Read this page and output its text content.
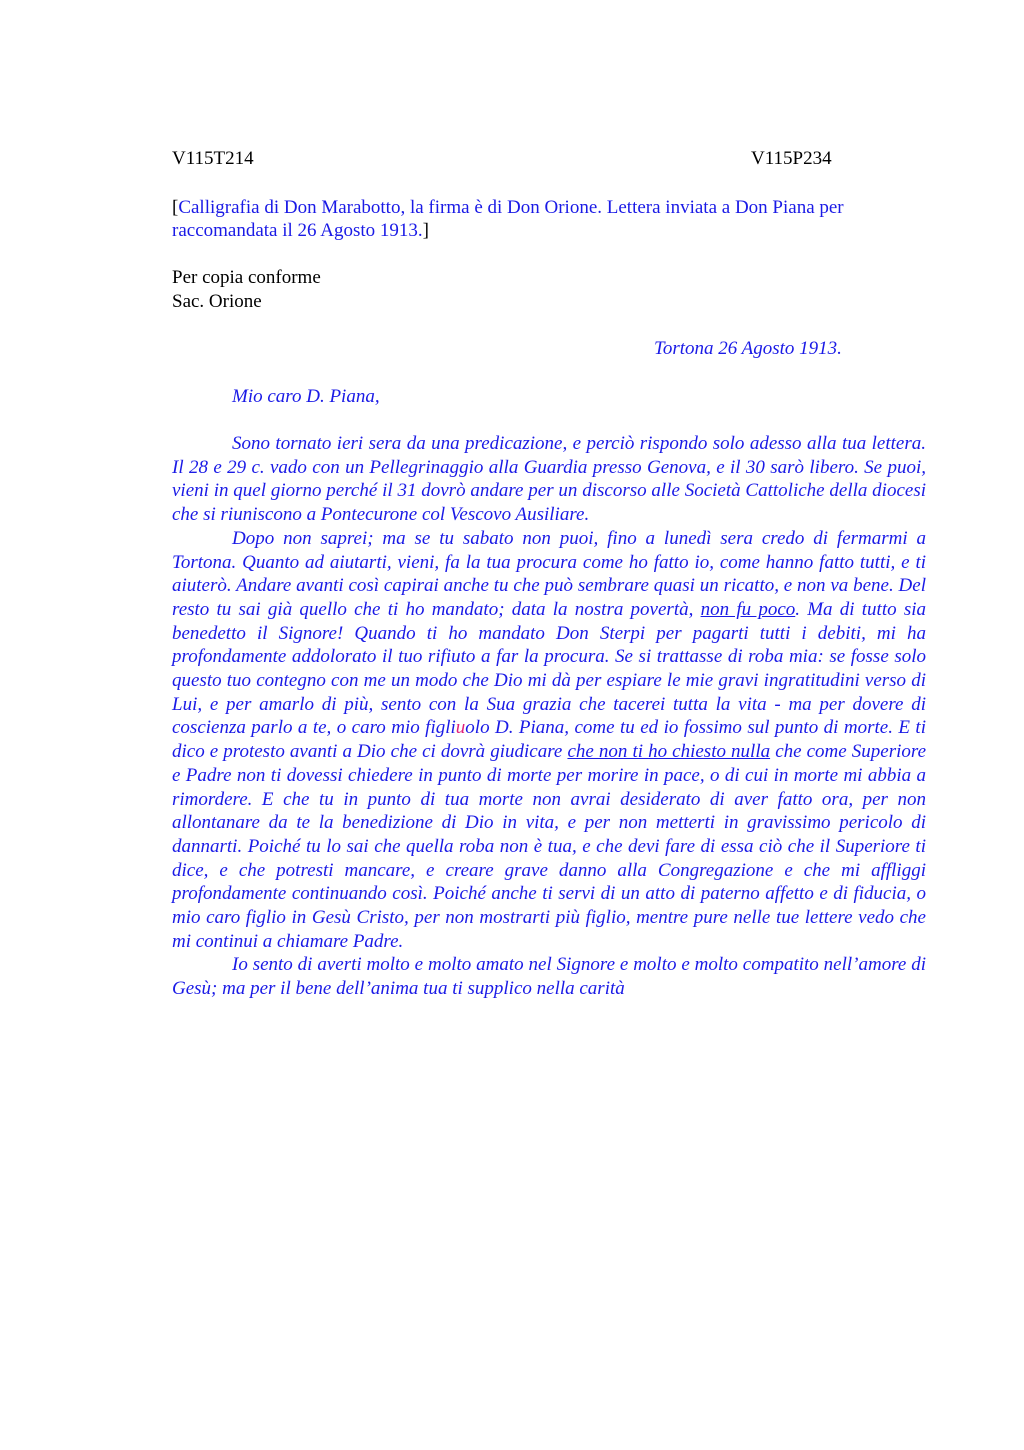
V115T214	V115P234
[Calligrafia di Don Marabotto, la firma è di Don Orione. Lettera inviata a Don Piana per raccomandata il 26 Agosto 1913.]
Per copia conforme
Sac. Orione
Tortona 26 Agosto 1913.
Mio caro D. Piana,

Sono tornato ieri sera da una predicazione, e perciò rispondo solo adesso alla tua lettera. Il 28 e 29 c. vado con un Pellegrinaggio alla Guardia presso Genova, e il 30 sarò libero. Se puoi, vieni in quel giorno perché il 31 dovrò andare per un discorso alle Società Cattoliche della diocesi che si riuniscono a Pontecurone col Vescovo Ausiliare.

Dopo non saprei; ma se tu sabato non puoi, fino a lunedì sera credo di fermarmi a Tortona. Quanto ad aiutarti, vieni, fa la tua procura come ho fatto io, come hanno fatto tutti, e ti aiuterò. Andare avanti così capirai anche tu che può sembrare quasi un ricatto, e non va bene. Del resto tu sai già quello che ti ho mandato; data la nostra povertà, non fu poco. Ma di tutto sia benedetto il Signore! Quando ti ho mandato Don Sterpi per pagarti tutti i debiti, mi ha profondamente addolorato il tuo rifiuto a far la procura. Se si trattasse di roba mia: se fosse solo questo tuo contegno con me un modo che Dio mi dà per espiare le mie gravi ingratitudini verso di Lui, e per amarlo di più, sento con la Sua grazia che tacerei tutta la vita - ma per dovere di coscienza parlo a te, o caro mio figliuolo D. Piana, come tu ed io fossimo sul punto di morte. E ti dico e protesto avanti a Dio che ci dovrà giudicare che non ti ho chiesto nulla che come Superiore e Padre non ti dovessi chiedere in punto di morte per morire in pace, o di cui in morte mi abbia a rimordere. E che tu in punto di tua morte non avrai desiderato di aver fatto ora, per non allontanare da te la benedizione di Dio in vita, e per non metterti in gravissimo pericolo di dannarti. Poiché tu lo sai che quella roba non è tua, e che devi fare di essa ciò che il Superiore ti dice, e che potresti mancare, e creare grave danno alla Congregazione e che mi affliggi profondamente continuando così. Poiché anche ti servi di un atto di paterno affetto e di fiducia, o mio caro figlio in Gesù Cristo, per non mostrarti più figlio, mentre pure nelle tue lettere vedo che mi continui a chiamare Padre.

Io sento di averti molto e molto amato nel Signore e molto e molto compatito nell’amore di Gesù; ma per il bene dell’anima tua ti supplico nella carità
